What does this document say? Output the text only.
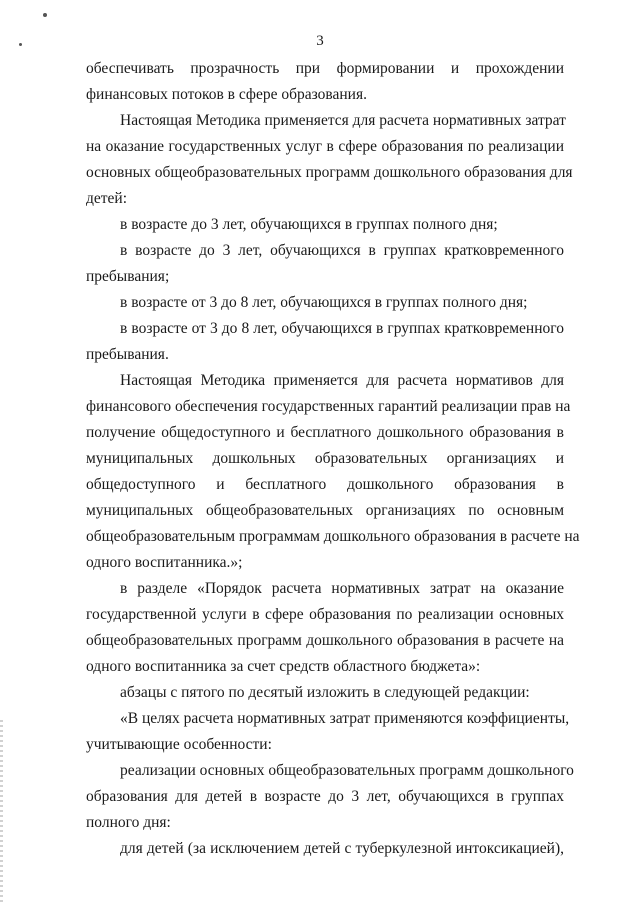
3
обеспечивать прозрачность при формировании и прохождении
финансовых потоков в сфере образования.
Настоящая Методика применяется для расчета нормативных затрат
на оказание государственных услуг в сфере образования по реализации
основных общеобразовательных программ дошкольного образования для
детей:
в возрасте до 3 лет, обучающихся в группах полного дня;
в возрасте до 3 лет, обучающихся в группах кратковременного
пребывания;
в возрасте от 3 до 8 лет, обучающихся в группах полного дня;
в возрасте от 3 до 8 лет, обучающихся в группах кратковременного
пребывания.
Настоящая Методика применяется для расчета нормативов для
финансового обеспечения государственных гарантий реализации прав на
получение общедоступного и бесплатного дошкольного образования в
муниципальных дошкольных образовательных организациях и
общедоступного и бесплатного дошкольного образования в
муниципальных общеобразовательных организациях по основным
общеобразовательным программам дошкольного образования в расчете на
одного воспитанника.»;
в разделе «Порядок расчета нормативных затрат на оказание
государственной услуги в сфере образования по реализации основных
общеобразовательных программ дошкольного образования в расчете на
одного воспитанника за счет средств областного бюджета»:
абзацы с пятого по десятый изложить в следующей редакции:
«В целях расчета нормативных затрат применяются коэффициенты,
учитывающие особенности:
реализации основных общеобразовательных программ дошкольного
образования для детей в возрасте до 3 лет, обучающихся в группах
полного дня:
для детей (за исключением детей с туберкулезной интоксикацией),
